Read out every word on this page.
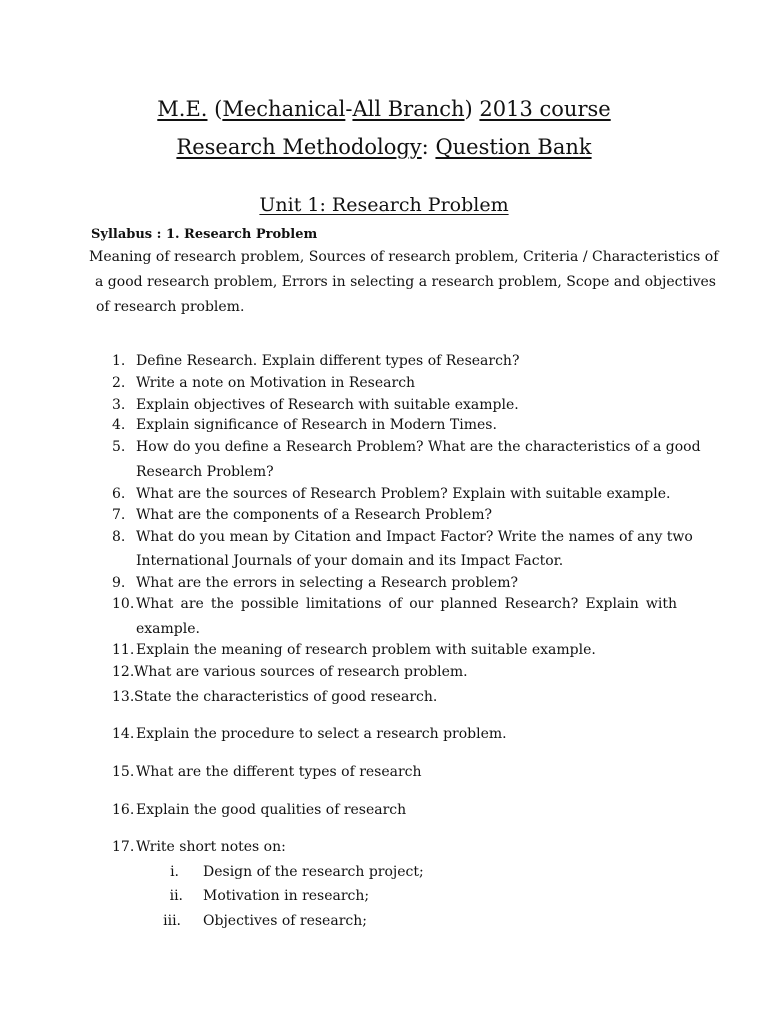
M.E. (Mechanical-All Branch) 2013 course
Research Methodology: Question Bank
Unit 1: Research Problem
Syllabus : 1. Research Problem
Meaning of research problem, Sources of research problem, Criteria / Characteristics of
a good research problem, Errors in selecting a research problem, Scope and objectives
of research problem.
1. Define Research. Explain different types of Research?
2. Write a note on Motivation in Research
3. Explain objectives of Research with suitable example.
4. Explain significance of Research in Modern Times.
5. How do you define a Research Problem? What are the characteristics of a good
Research Problem?
6. What are the sources of Research Problem? Explain with suitable example.
7. What are the components of a Research Problem?
8. What do you mean by Citation and Impact Factor? Write the names of any two
International Journals of your domain and its Impact Factor.
9. What are the errors in selecting a Research problem?
10. What are the possible limitations of our planned Research? Explain with
example.
11. Explain the meaning of research problem with suitable example.
12. What are various sources of research problem.
13. State the characteristics of good research.
14. Explain the procedure to select a research problem.
15. What are the different types of research
16. Explain the good qualities of research
17. Write short notes on:
i. Design of the research project;
ii. Motivation in research;
iii. Objectives of research;
